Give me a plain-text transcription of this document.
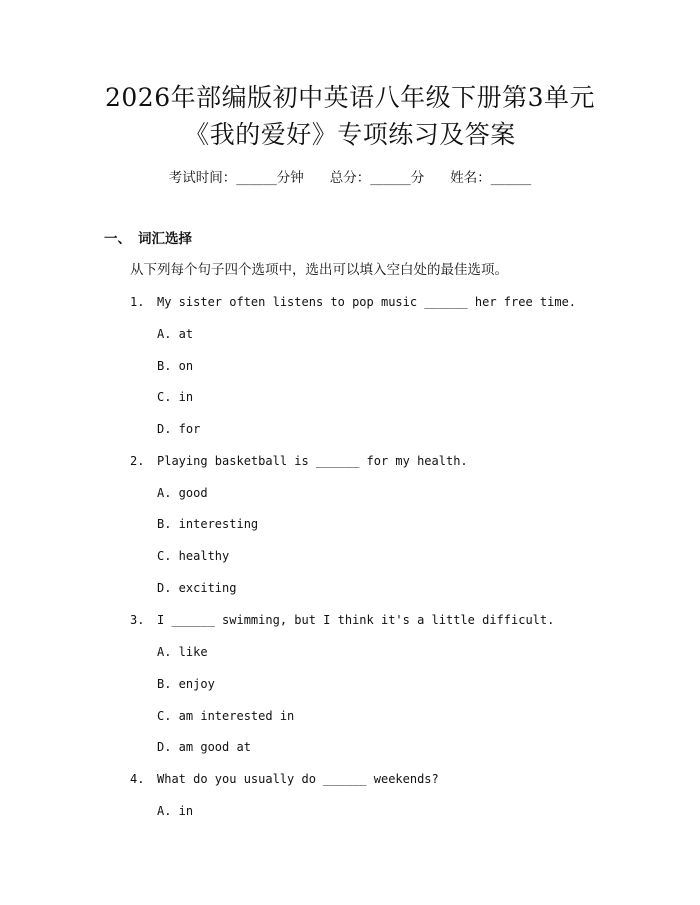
2026年部编版初中英语八年级下册第3单元
《我的爱好》专项练习及答案
考试时间：______分钟 总分：______分 姓名：______
一、 词汇选择
从下列每个句子四个选项中，选出可以填入空白处的最佳选项。
1. My sister often listens to pop music ______ her free time.
A. at
B. on
C. in
D. for
2. Playing basketball is ______ for my health.
A. good
B. interesting
C. healthy
D. exciting
3. I ______ swimming, but I think it's a little difficult.
A. like
B. enjoy
C. am interested in
D. am good at
4. What do you usually do ______ weekends?
A. in
